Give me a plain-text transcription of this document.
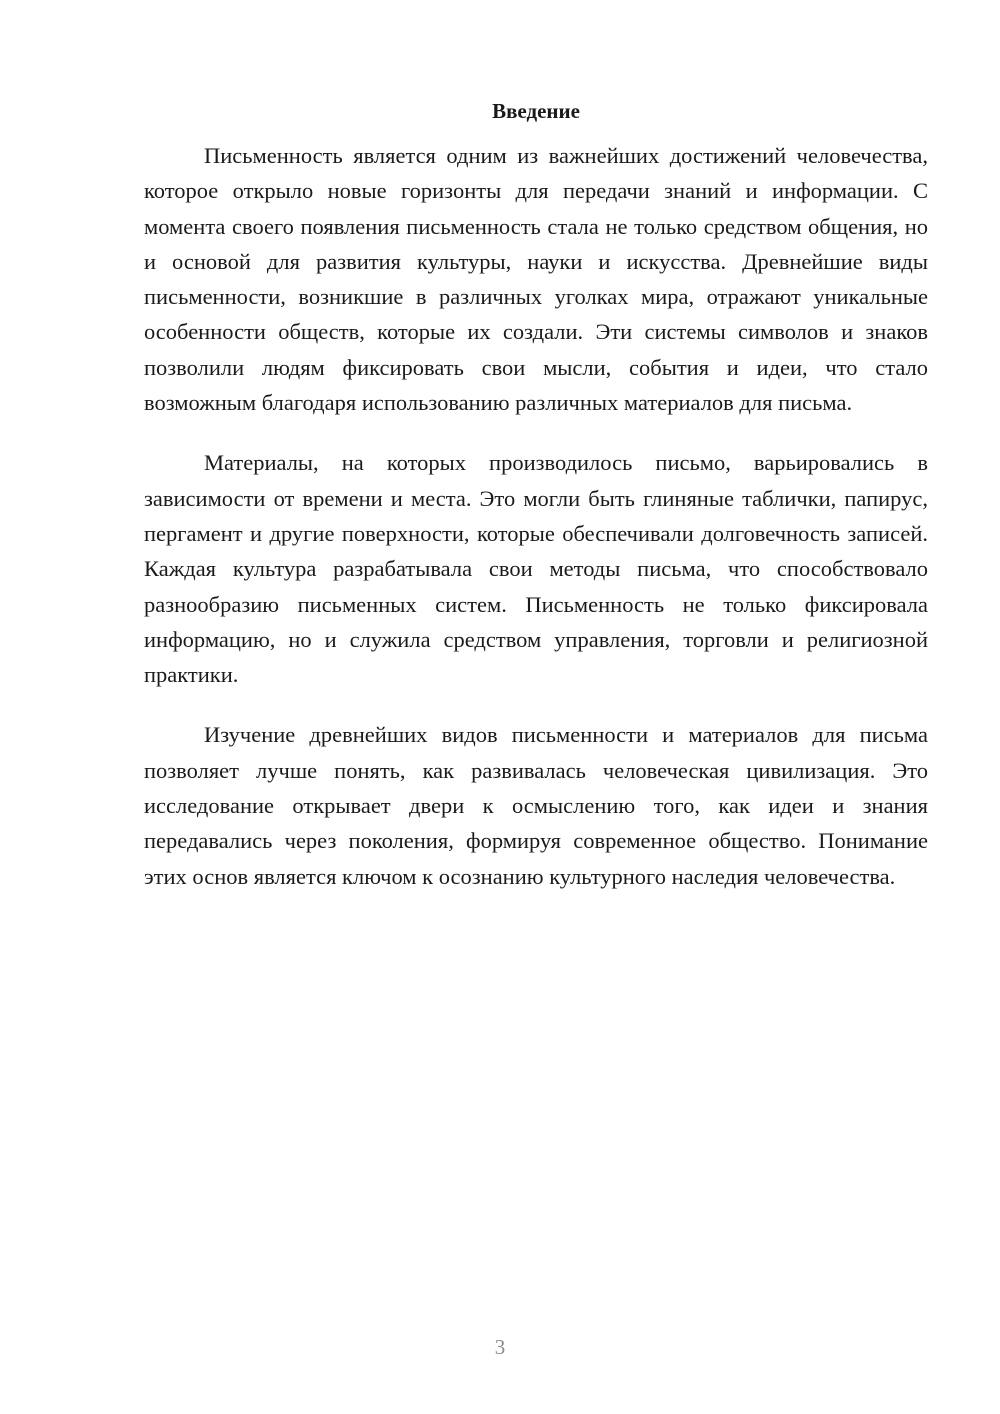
Введение

Письменность является одним из важнейших достижений человечества, которое открыло новые горизонты для передачи знаний и информации. С момента своего появления письменность стала не только средством общения, но и основой для развития культуры, науки и искусства. Древнейшие виды письменности, возникшие в различных уголках мира, отражают уникальные особенности обществ, которые их создали. Эти системы символов и знаков позволили людям фиксировать свои мысли, события и идеи, что стало возможным благодаря использованию различных материалов для письма.

Материалы, на которых производилось письмо, варьировались в зависимости от времени и места. Это могли быть глиняные таблички, папирус, пергамент и другие поверхности, которые обеспечивали долговечность записей. Каждая культура разрабатывала свои методы письма, что способствовало разнообразию письменных систем. Письменность не только фиксировала информацию, но и служила средством управления, торговли и религиозной практики.

Изучение древнейших видов письменности и материалов для письма позволяет лучше понять, как развивалась человеческая цивилизация. Это исследование открывает двери к осмыслению того, как идеи и знания передавались через поколения, формируя современное общество. Понимание этих основ является ключом к осознанию культурного наследия человечества.

3
